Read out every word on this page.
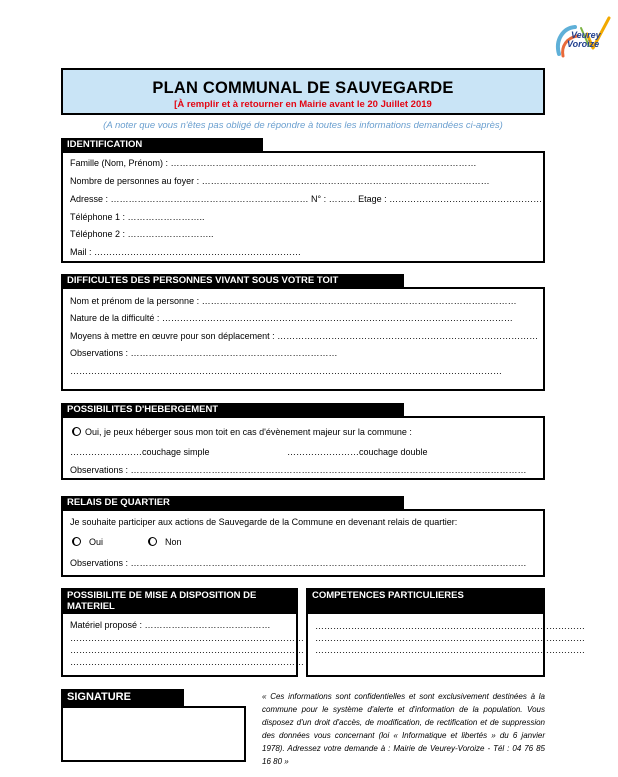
Veurey
Voroize
PLAN COMMUNAL DE SAUVEGARDE
[À remplir et à retourner en Mairie avant le 20 Juillet 2019
(A noter que vous n'êtes pas obligé de répondre à toutes les informations demandées ci-après)
IDENTIFICATION
Famille (Nom, Prénom) : …………………………………………………………………………………………
Nombre de personnes au foyer : ……………………………………………………………………………………
Adresse : ………………………………………………………… N° : ……… Etage : ……………………………………………
Téléphone 1 : ……………………..
Téléphone 2 : ………………………..
Mail : ……………………………………………………………
DIFFICULTES DES PERSONNES VIVANT SOUS VOTRE TOIT
Nom et prénom de la personne : ……………………………………………………………………………………………
Nature de la difficulté : ………………………………………………………………………………………………………
Moyens à mettre en œuvre pour son déplacement : ……………………………………………………………………………
Observations : ……………………………………………………………
………………………………………………………………………………………………………………………………
POSSIBILITES D'HEBERGEMENT
Oui, je peux héberger sous mon toit en cas d'évènement majeur sur la commune :
……………………couchage simple	……………………couchage double
Observations : ……………………………………………………………………………………………………………………
RELAIS DE QUARTIER
Je souhaite participer aux actions de Sauvegarde de la Commune en devenant relais de quartier:
Oui	Non
Observations : ……………………………………………………………………………………………………………………
POSSIBILITE DE MISE A DISPOSITION DE MATERIEL
Matériel proposé : ……………………………………
……………………………………………………………………
……………………………………………………………………
……………………………………………………………………
COMPETENCES PARTICULIERES
………………………………………………………………………………
………………………………………………………………………………
………………………………………………………………………………
SIGNATURE	« Ces informations sont confidentielles et sont exclusivement destinées à la commune pour le système d'alerte et d'information de la population. Vous disposez d'un droit d'accès, de modification, de rectification et de suppression des données vous concernant (loi « Informatique et libertés » du 6 janvier 1978). Adressez votre demande à : Mairie de Veurey-Voroize - Tél : 04 76 85 16 80 »
